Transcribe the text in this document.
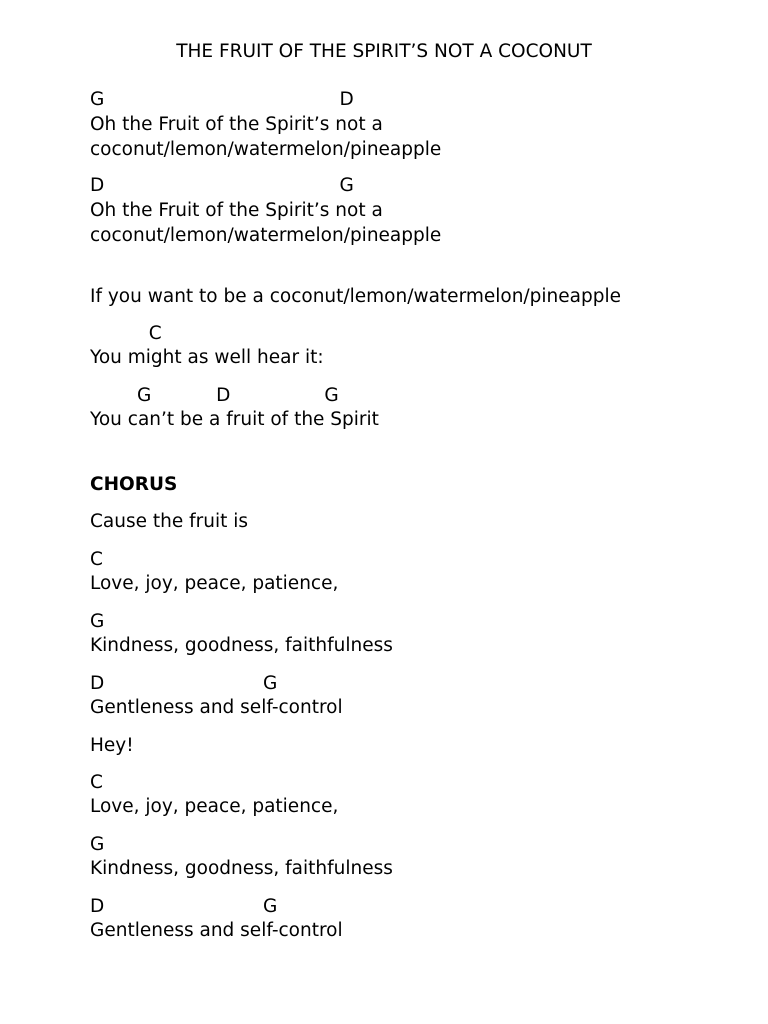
THE FRUIT OF THE SPIRIT’S NOT A COCONUT

G                                        D

Oh the Fruit of the Spirit’s not a

coconut/lemon/watermelon/pineapple

D                                        G

Oh the Fruit of the Spirit’s not a

coconut/lemon/watermelon/pineapple

If you want to be a coconut/lemon/watermelon/pineapple

C

You might as well hear it:

G           D                G

You can’t be a fruit of the Spirit

CHORUS

Cause the fruit is

C

Love, joy, peace, patience,

G

Kindness, goodness, faithfulness

D                           G

Gentleness and self-control

Hey!

C

Love, joy, peace, patience,

G

Kindness, goodness, faithfulness

D                           G

Gentleness and self-control
